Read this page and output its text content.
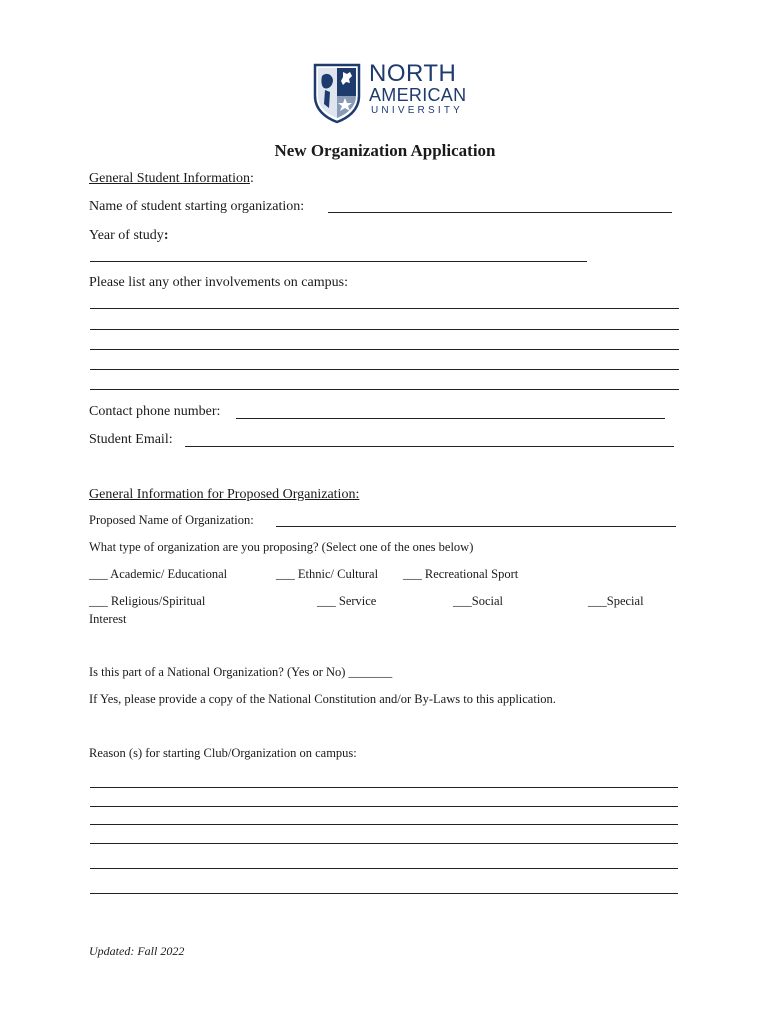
NORTH
AMERICAN
UNIVERSITY
New Organization Application
General Student Information:
Name of student starting organization:
Year of study:
Please list any other involvements on campus:
Contact phone number:
Student Email:
General Information for Proposed Organization:
Proposed Name of Organization:
What type of organization are you proposing? (Select one of the ones below)
___ Academic/ Educational	___ Ethnic/ Cultural ___ Recreational Sport
___ Religious/Spiritual	___ Service	___Social	___Special
Interest
Is this part of a National Organization? (Yes or No) _______
If Yes, please provide a copy of the National Constitution and/or By-Laws to this application.
Reason (s) for starting Club/Organization on campus:
Updated: Fall 2022
